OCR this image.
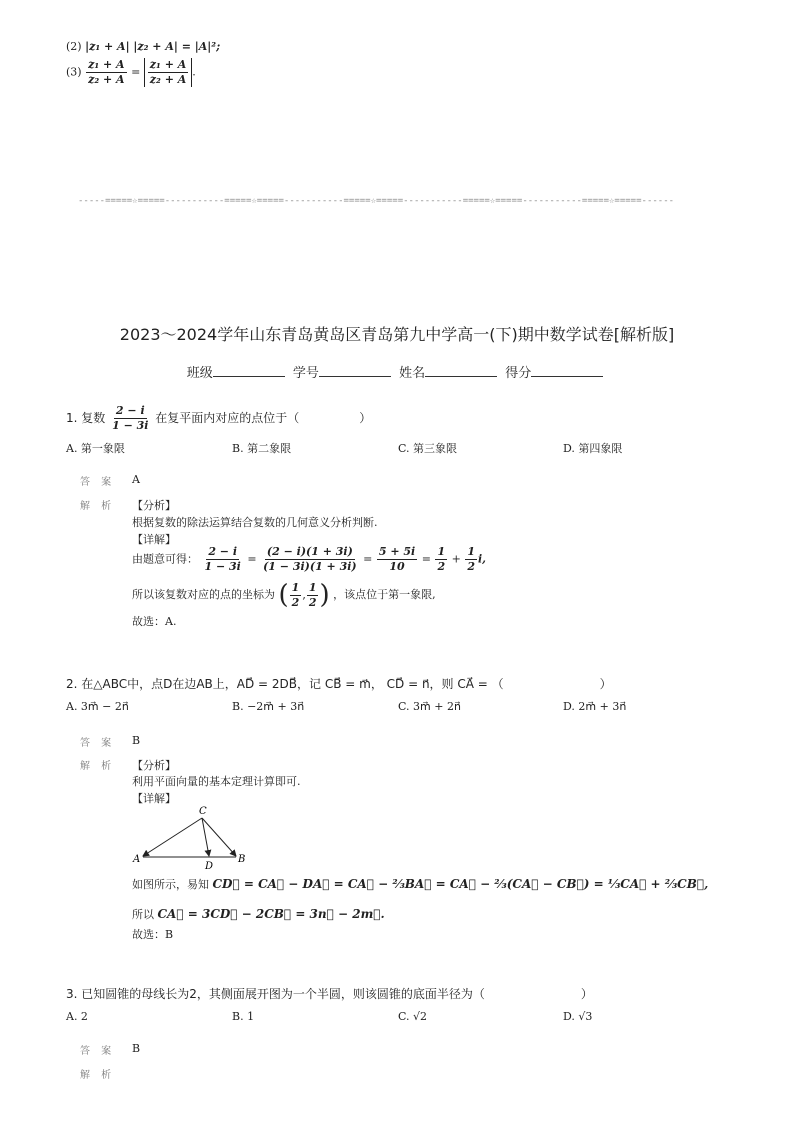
(2) |z₁ + A| |z₂ + A| = |A|²;
$(3) \frac{\text{z₁ + A}}{\text{z₂ + A}} = \frac{\text{z₁ + A}}{\text{z₂ + A}}$ .
-----=====☆=====-----------=====☆=====-----------=====☆=====-----------=====☆=====-----------=====☆=====------
2023～2024学年山东青岛黄岛区青岛第九中学高一(下)期中数学试卷[解析版]
班级	学号	姓名	得分
1. 复数 $\frac{2 - i}{1 - 3i}$ 在复平面内对应的点位于（　　　　　）
A. 第一象限	B. 第二象限	C. 第三象限	D. 第四象限
答 案 A
解 析 【分析】
根据复数的除法运算结合复数的几何意义分析判断.
【详解】
由题意可得： $\frac{2 - i}{1 - 3i} = \frac{(2 - i)(1 + 3i)}{(1 - 3i)(1 + 3i)} = \frac{5 + 5i}{10} = \frac{1}{2} + \frac{1}{2} i$,
所以该复数对应的点的坐标为 ( $\frac{1}{2}$ , $\frac{1}{2}$ ) ，该点位于第一象限,
故选：A.
2. 在△ABC中，点D在边AB上，AD⃗ = 2DB⃗，记 CB⃗ = m⃗， CD⃗ = n⃗，则 CA⃗ = （　　　　　　　　）
A. 3m⃗ − 2n⃗	B. −2m⃗ + 3n⃗	C. 3m⃗ + 2n⃗	D. 2m⃗ + 3n⃗
答 案 B
解 析 【分析】
利用平面向量的基本定理计算即可.
【详解】
C
A
D
B
如图所示，易知 CD⃗ = CA⃗ − DA⃗ = CA⃗ − ⅔BA⃗ = CA⃗ − ⅔(CA⃗ − CB⃗) = ⅓CA⃗ + ⅔CB⃗,
所以 CA⃗ = 3CD⃗ − 2CB⃗ = 3n⃗ − 2m⃗.
故选：B
3. 已知圆锥的母线长为2，其侧面展开图为一个半圆，则该圆锥的底面半径为（　　　　　　　　）
A. 2	B. 1	C. √2	D. √3
答 案 B
解 析
